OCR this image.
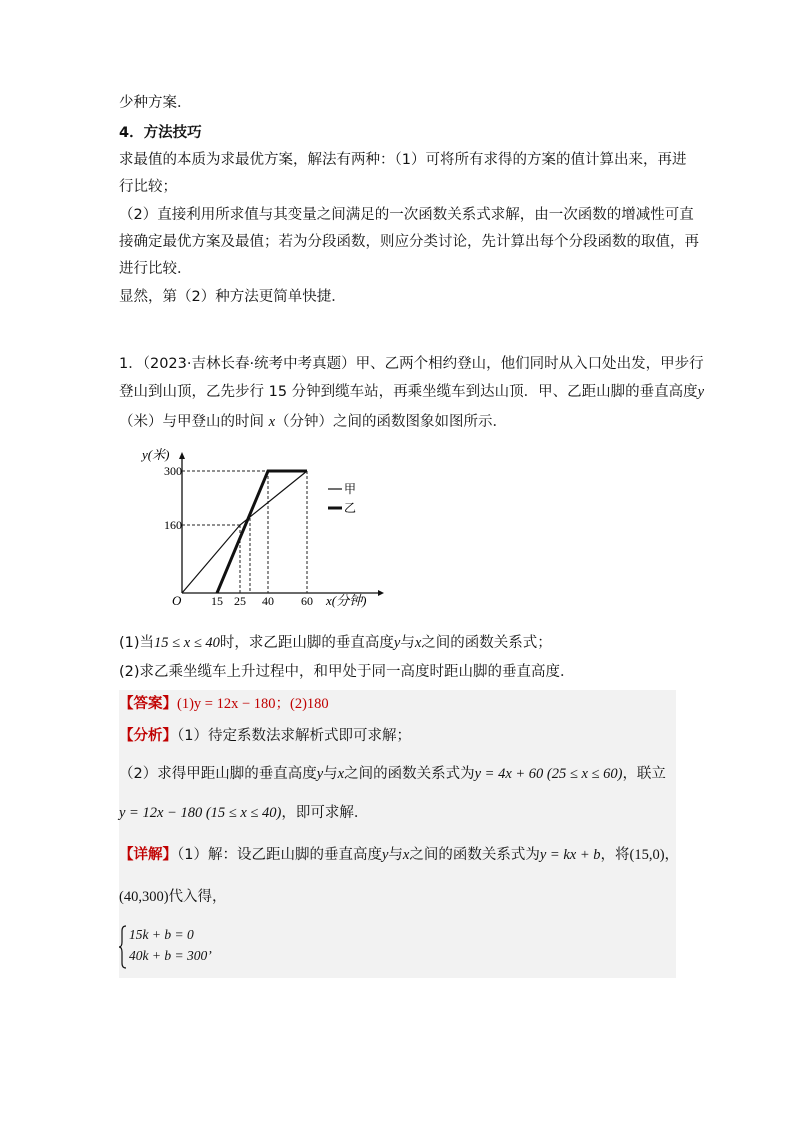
少种方案．
4．方法技巧
求最值的本质为求最优方案，解法有两种：（1）可将所有求得的方案的值计算出来，再进
行比较；
（2）直接利用所求值与其变量之间满足的一次函数关系式求解，由一次函数的增减性可直
接确定最优方案及最值；若为分段函数，则应分类讨论，先计算出每个分段函数的取值，再
进行比较．
显然，第（2）种方法更简单快捷．
1．（2023·吉林长春·统考中考真题）甲、乙两个相约登山，他们同时从入口处出发，甲步行
登山到山顶，乙先步行 15 分钟到缆车站，再乘坐缆车到达山顶．甲、乙距山脚的垂直高度y
（米）与甲登山的时间 x（分钟）之间的函数图象如图所示．
y(米)
x(分钟)
O 15 25 40 60
160
300
甲
乙
(1)当15 ≤ x ≤ 40时，求乙距山脚的垂直高度y与x之间的函数关系式；
(2)求乙乘坐缆车上升过程中，和甲处于同一高度时距山脚的垂直高度．
【答案】(1)y = 12x − 180；(2)180
【分析】（1）待定系数法求解析式即可求解；
（2）求得甲距山脚的垂直高度y与x之间的函数关系式为y = 4x + 60 (25 ≤ x ≤ 60)，联立
y = 12x − 180 (15 ≤ x ≤ 40)，即可求解．
【详解】（1）解：设乙距山脚的垂直高度y与x之间的函数关系式为y = kx + b，将(15,0)，
(40,300)代入得，
15k + b = 0
40k + b = 300’
